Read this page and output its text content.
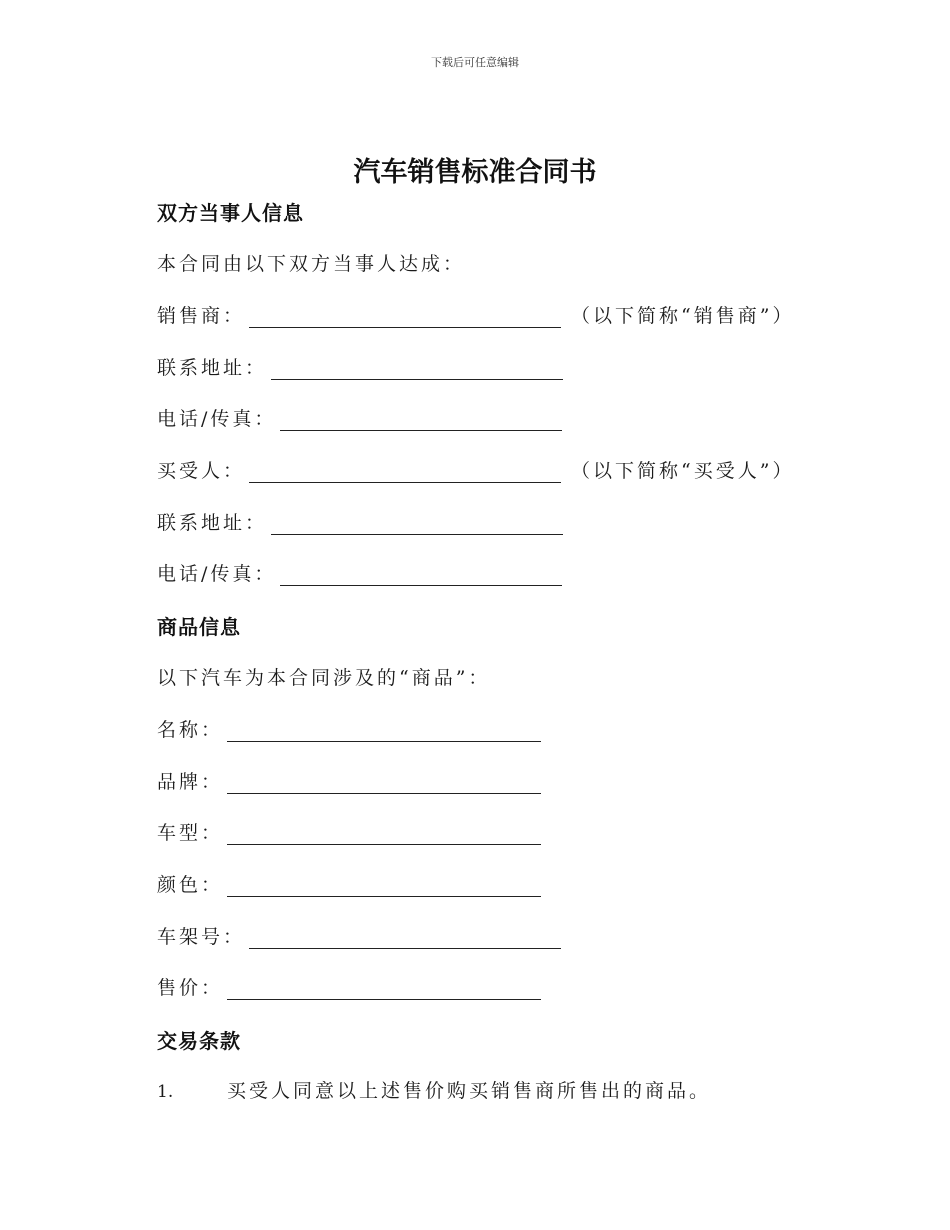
下载后可任意编辑
汽车销售标准合同书
双方当事人信息
本合同由以下双方当事人达成：
销售商：	（以下简称“销售商”）
联系地址：
电话/传真：
买受人：	（以下简称“买受人”）
联系地址：
电话/传真：
商品信息
以下汽车为本合同涉及的“商品”：
名称：
品牌：
车型：
颜色：
车架号：
售价：
交易条款
1.	买受人同意以上述售价购买销售商所售出的商品。
